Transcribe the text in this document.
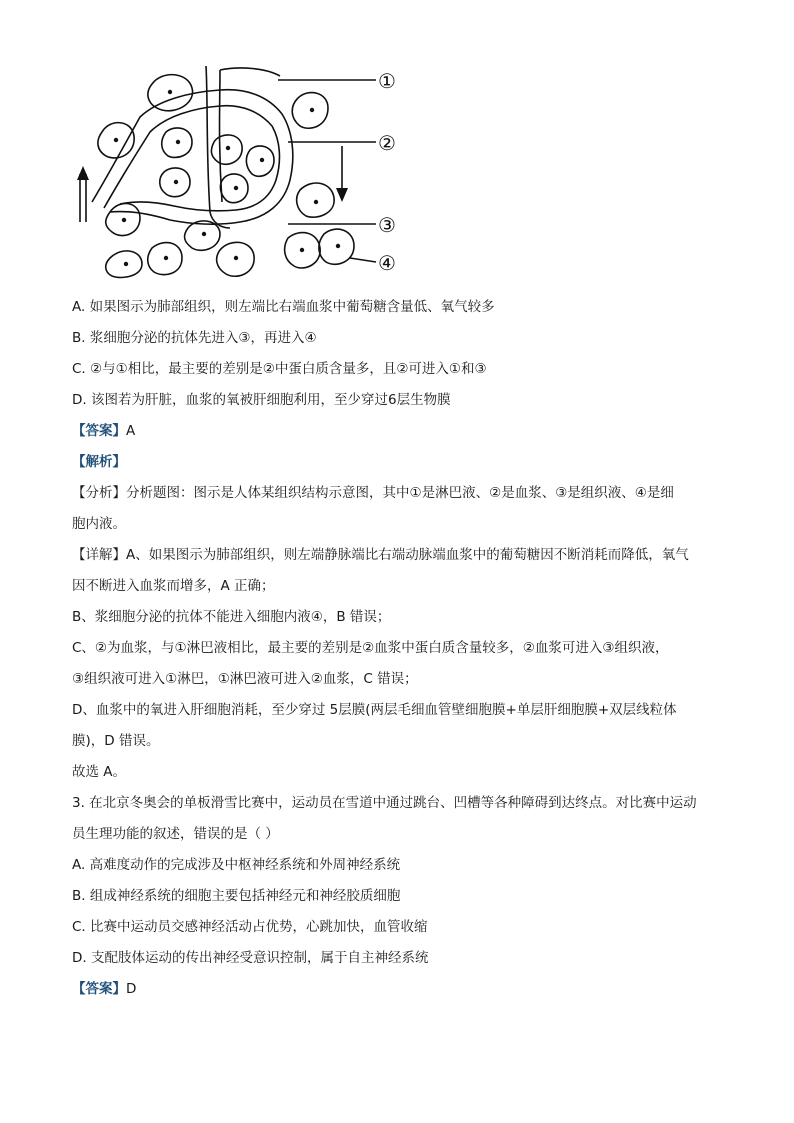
①
②
③
④

A. 如果图示为肺部组织，则左端比右端血浆中葡萄糖含量低、氧气较多

B. 浆细胞分泌的抗体先进入③，再进入④

C. ②与①相比，最主要的差别是②中蛋白质含量多，且②可进入①和③

D. 该图若为肝脏，血浆的氧被肝细胞利用，至少穿过6层生物膜

【答案】A

【解析】

【分析】分析题图：图示是人体某组织结构示意图，其中①是淋巴液、②是血浆、③是组织液、④是细

胞内液。

【详解】A、如果图示为肺部组织，则左端静脉端比右端动脉端血浆中的葡萄糖因不断消耗而降低，氧气

因不断进入血浆而增多，A 正确；

B、浆细胞分泌的抗体不能进入细胞内液④，B 错误；

C、②为血浆，与①淋巴液相比，最主要的差别是②血浆中蛋白质含量较多，②血浆可进入③组织液，

③组织液可进入①淋巴，①淋巴液可进入②血浆，C 错误；

D、血浆中的氧进入肝细胞消耗，至少穿过 5层膜(两层毛细血管壁细胞膜+单层肝细胞膜+双层线粒体

膜)，D 错误。

故选 A。

3. 在北京冬奥会的单板滑雪比赛中，运动员在雪道中通过跳台、凹槽等各种障碍到达终点。对比赛中运动

员生理功能的叙述，错误的是（ ）

A. 高难度动作的完成涉及中枢神经系统和外周神经系统

B. 组成神经系统的细胞主要包括神经元和神经胶质细胞

C. 比赛中运动员交感神经活动占优势，心跳加快，血管收缩

D. 支配肢体运动的传出神经受意识控制，属于自主神经系统

【答案】D
